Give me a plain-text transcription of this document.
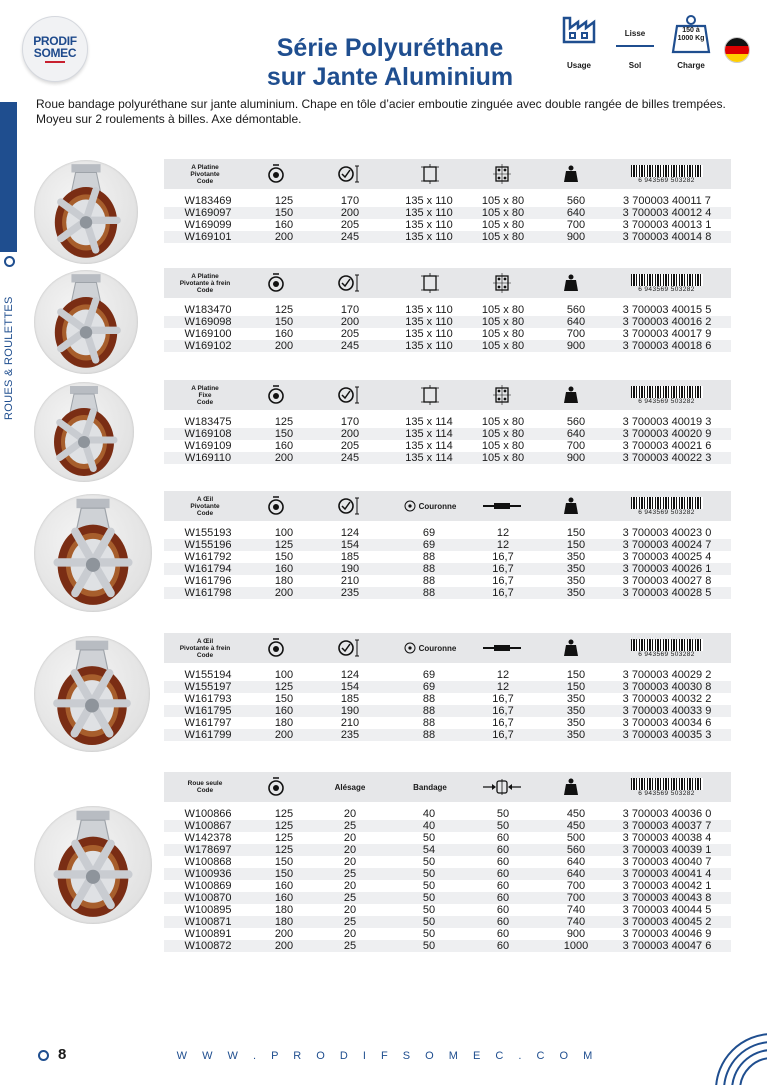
PRODIF
SOMEC	Série Polyuréthane
sur Jante Aluminium	Usage
Lisse
Sol
150 à
1000 Kg
Charge
ROUES & ROULETTES
Roue bandage polyuréthane sur jante aluminium. Chape en tôle d’acier emboutie zinguée avec double rangée de billes trempées. Moyeu sur 2 roulements à billes. Axe démontable.
A Platine
Pivotante
Code	6 943569 503282
W183469	125	170	135 x 110	105 x 80	560	3 700003 40011 7
W169097	150	200	135 x 110	105 x 80	640	3 700003 40012 4
W169099	160	205	135 x 110	105 x 80	700	3 700003 40013 1
W169101	200	245	135 x 110	105 x 80	900	3 700003 40014 8
A Platine
Pivotante à frein
Code	6 943569 503282
W183470	125	170	135 x 110	105 x 80	560	3 700003 40015 5
W169098	150	200	135 x 110	105 x 80	640	3 700003 40016 2
W169100	160	205	135 x 110	105 x 80	700	3 700003 40017 9
W169102	200	245	135 x 110	105 x 80	900	3 700003 40018 6
A Platine
Fixe
Code	6 943569 503282
W183475	125	170	135 x 114	105 x 80	560	3 700003 40019 3
W169108	150	200	135 x 114	105 x 80	640	3 700003 40020 9
W169109	160	205	135 x 114	105 x 80	700	3 700003 40021 6
W169110	200	245	135 x 114	105 x 80	900	3 700003 40022 3
A Œil
Pivotante
Code
Couronne
6 943569 503282
W155193	100	124	69	12	150	3 700003 40023 0
W155196	125	154	69	12	150	3 700003 40024 7
W161792	150	185	88	16,7	350	3 700003 40025 4
W161794	160	190	88	16,7	350	3 700003 40026 1
W161796	180	210	88	16,7	350	3 700003 40027 8
W161798	200	235	88	16,7	350	3 700003 40028 5
A Œil
Pivotante à frein
Code
Couronne
6 943569 503282
W155194	100	124	69	12	150	3 700003 40029 2
W155197	125	154	69	12	150	3 700003 40030 8
W161793	150	185	88	16,7	350	3 700003 40032 2
W161795	160	190	88	16,7	350	3 700003 40033 9
W161797	180	210	88	16,7	350	3 700003 40034 6
W161799	200	235	88	16,7	350	3 700003 40035 3
Roue seule
Code	Alésage	Bandage
6 943569 503282
W100866	125	20	40	50	450	3 700003 40036 0
W100867	125	25	40	50	450	3 700003 40037 7
W142378	125	20	50	60	500	3 700003 40038 4
W178697	125	20	54	60	560	3 700003 40039 1
W100868	150	20	50	60	640	3 700003 40040 7
W100936	150	25	50	60	640	3 700003 40041 4
W100869	160	20	50	60	700	3 700003 40042 1
W100870	160	25	50	60	700	3 700003 40043 8
W100895	180	20	50	60	740	3 700003 40044 5
W100871	180	25	50	60	740	3 700003 40045 2
W100891	200	20	50	60	900	3 700003 40046 9
W100872	200	25	50	60	1000	3 700003 40047 6
8	W W W . P R O D I F S O M E C . C O M
